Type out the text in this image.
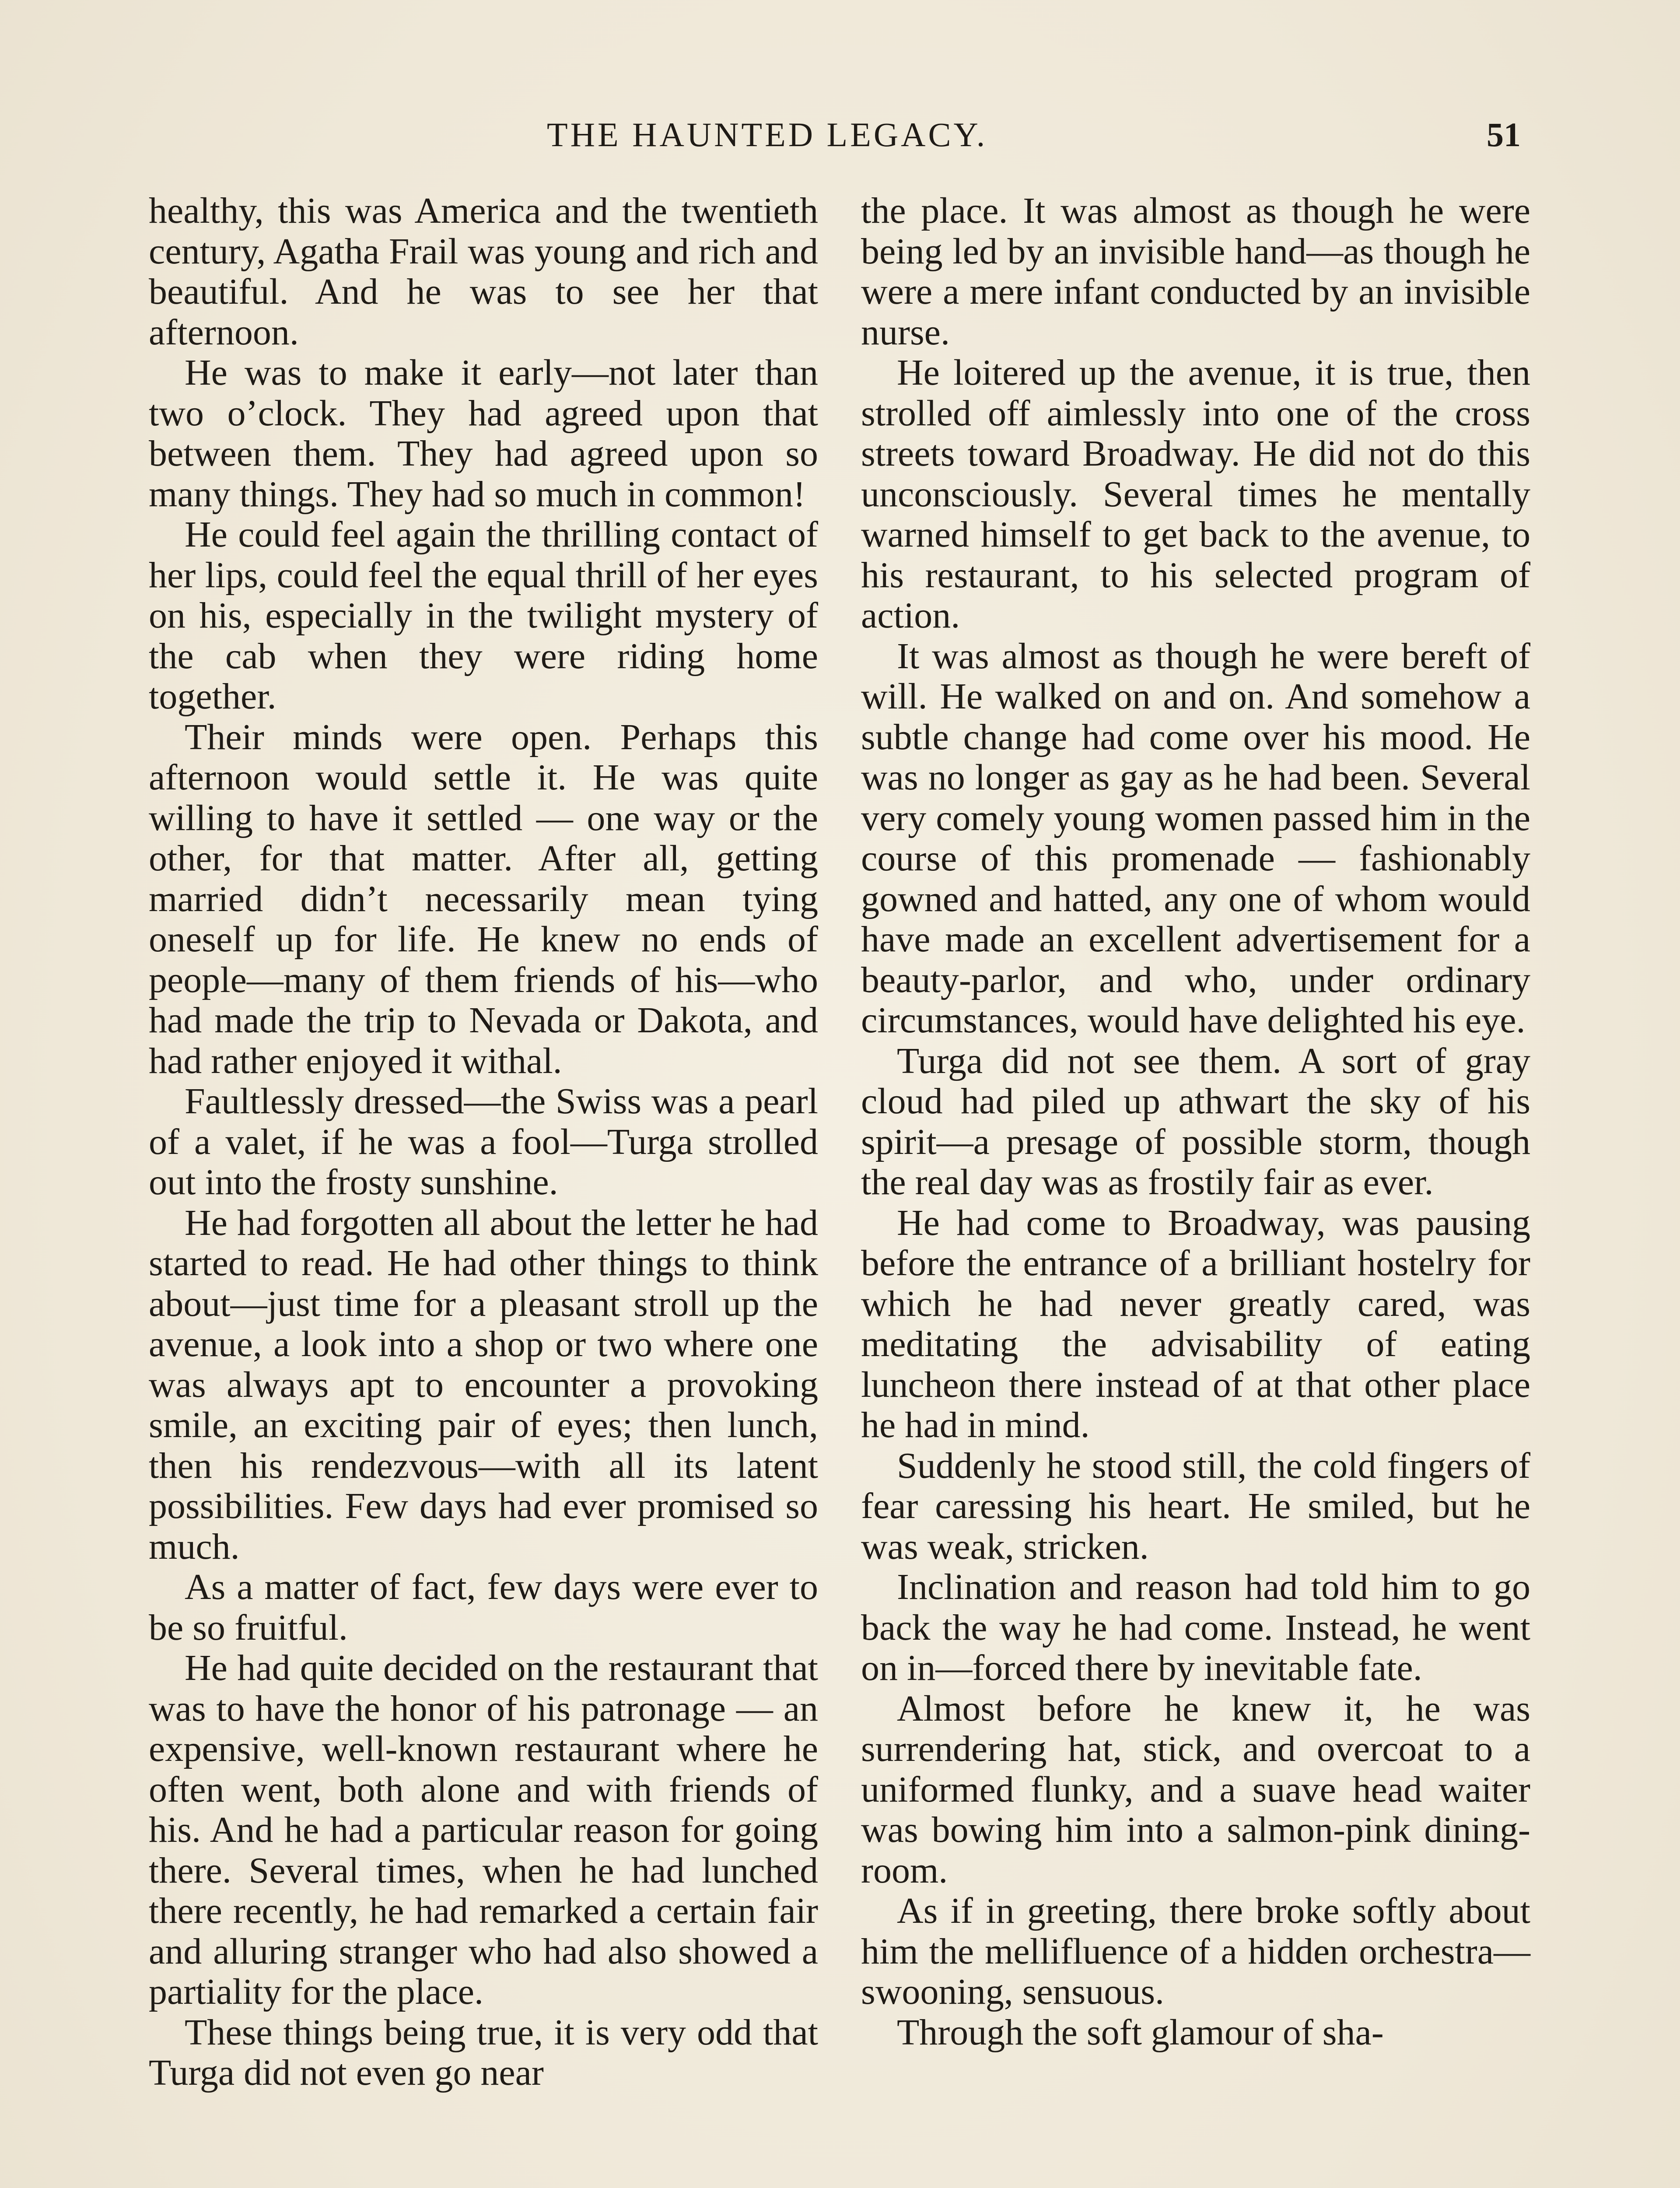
THE HAUNTED LEGACY.	51

healthy, this was America and the twentieth century, Agatha Frail was young and rich and beautiful. And he was to see her that afternoon.

He was to make it early—not later than two o’clock. They had agreed upon that between them. They had agreed upon so many things. They had so much in common!

He could feel again the thrilling contact of her lips, could feel the equal thrill of her eyes on his, especially in the twilight mystery of the cab when they were riding home together.

Their minds were open. Perhaps this afternoon would settle it. He was quite willing to have it settled — one way or the other, for that matter. After all, getting married didn’t necessarily mean tying oneself up for life. He knew no ends of people—many of them friends of his—who had made the trip to Nevada or Dakota, and had rather enjoyed it withal.

Faultlessly dressed—the Swiss was a pearl of a valet, if he was a fool—Turga strolled out into the frosty sunshine.

He had forgotten all about the letter he had started to read. He had other things to think about—just time for a pleasant stroll up the avenue, a look into a shop or two where one was always apt to encounter a provoking smile, an exciting pair of eyes; then lunch, then his rendezvous—with all its latent possibilities. Few days had ever promised so much.

As a matter of fact, few days were ever to be so fruitful.

He had quite decided on the restaurant that was to have the honor of his patronage — an expensive, well-known restaurant where he often went, both alone and with friends of his. And he had a particular reason for going there. Several times, when he had lunched there recently, he had remarked a certain fair and alluring stranger who had also showed a partiality for the place.

These things being true, it is very odd that Turga did not even go near

the place. It was almost as though he were being led by an invisible hand—as though he were a mere infant conducted by an invisible nurse.

He loitered up the avenue, it is true, then strolled off aimlessly into one of the cross streets toward Broadway. He did not do this unconsciously. Several times he mentally warned himself to get back to the avenue, to his restaurant, to his selected program of action.

It was almost as though he were bereft of will. He walked on and on. And somehow a subtle change had come over his mood. He was no longer as gay as he had been. Several very comely young women passed him in the course of this promenade — fashionably gowned and hatted, any one of whom would have made an excellent advertisement for a beauty-parlor, and who, under ordinary circumstances, would have delighted his eye.

Turga did not see them. A sort of gray cloud had piled up athwart the sky of his spirit—a presage of possible storm, though the real day was as frostily fair as ever.

He had come to Broadway, was pausing before the entrance of a brilliant hostelry for which he had never greatly cared, was meditating the advisability of eating luncheon there instead of at that other place he had in mind.

Suddenly he stood still, the cold fingers of fear caressing his heart. He smiled, but he was weak, stricken.

Inclination and reason had told him to go back the way he had come. Instead, he went on in—forced there by inevitable fate.

Almost before he knew it, he was surrendering hat, stick, and overcoat to a uniformed flunky, and a suave head waiter was bowing him into a salmon-pink dining-room.

As if in greeting, there broke softly about him the mellifluence of a hidden orchestra—swooning, sensuous.

Through the soft glamour of sha-
